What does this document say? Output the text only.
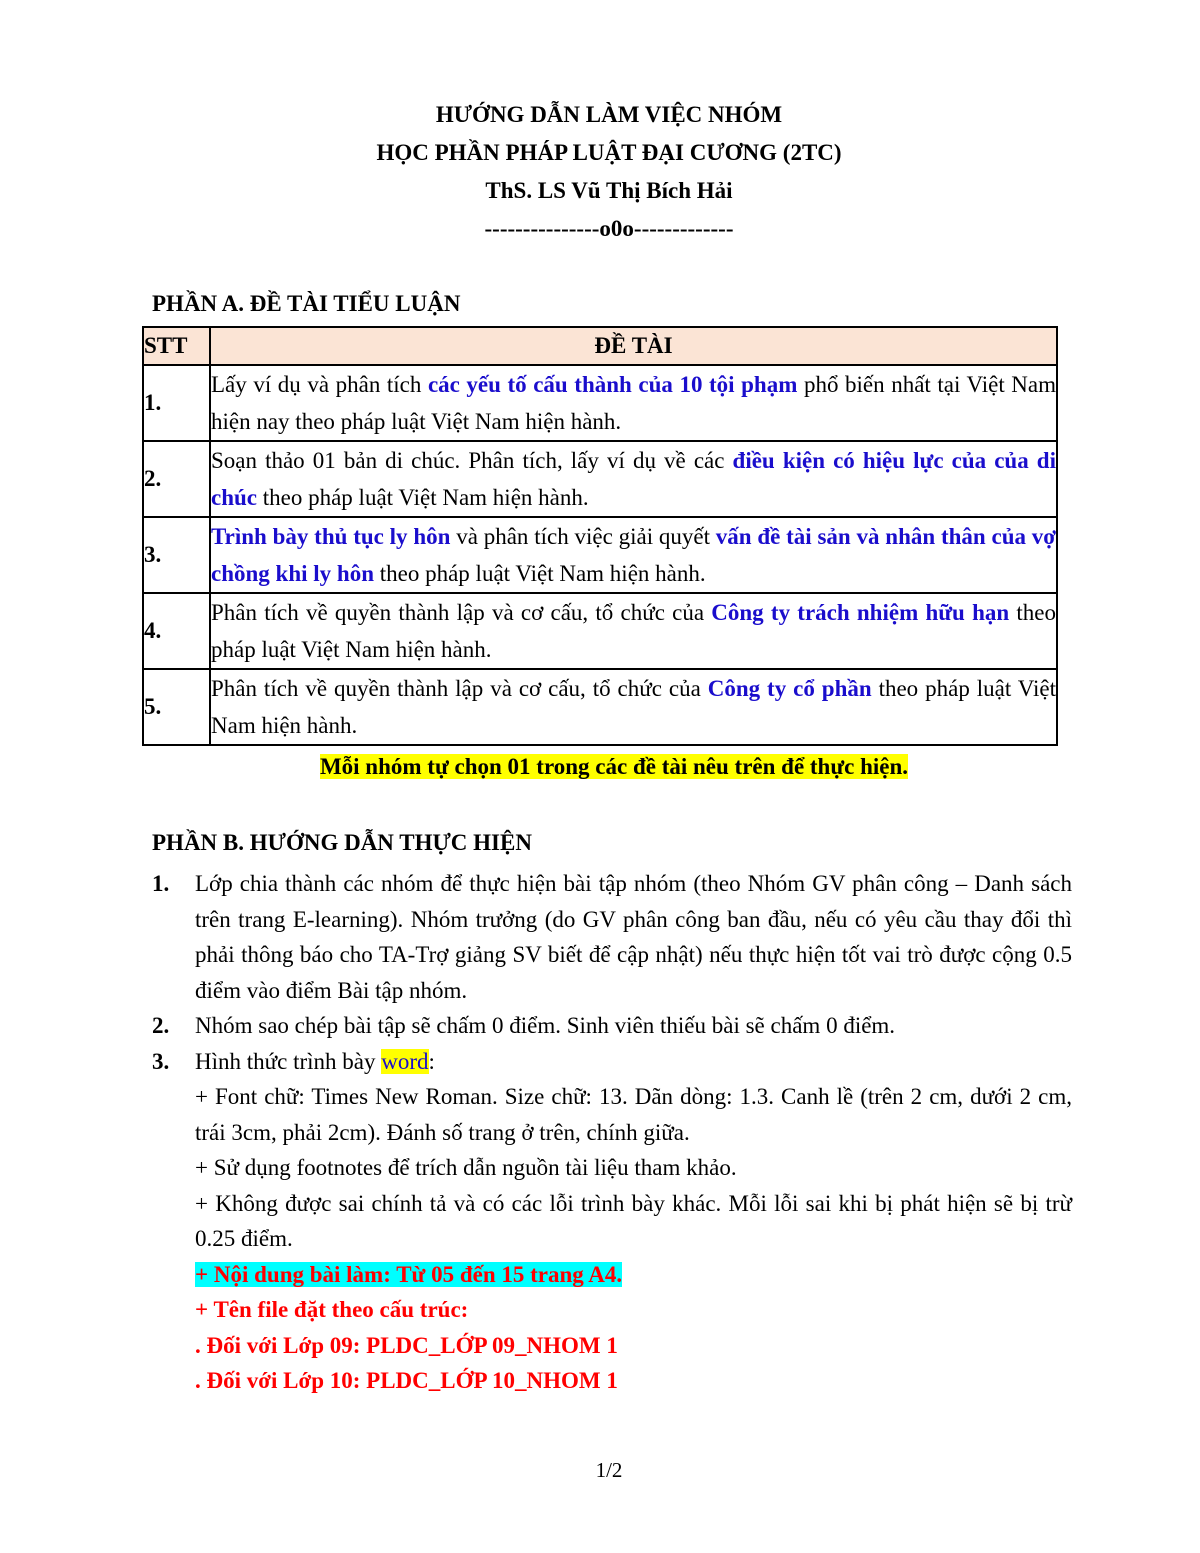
HƯỚNG DẪN LÀM VIỆC NHÓM
HỌC PHẦN PHÁP LUẬT ĐẠI CƯƠNG (2TC)
ThS. LS Vũ Thị Bích Hải
---------------o0o-------------
PHẦN A. ĐỀ TÀI TIỂU LUẬN
STT	ĐỀ TÀI
1.	Lấy ví dụ và phân tích các yếu tố cấu thành của 10 tội phạm phổ biến nhất tại Việt Nam hiện nay theo pháp luật Việt Nam hiện hành.
2.	Soạn thảo 01 bản di chúc. Phân tích, lấy ví dụ về các điều kiện có hiệu lực của của di chúc theo pháp luật Việt Nam hiện hành.
3.	Trình bày thủ tục ly hôn và phân tích việc giải quyết vấn đề tài sản và nhân thân của vợ chồng khi ly hôn theo pháp luật Việt Nam hiện hành.
4.	Phân tích về quyền thành lập và cơ cấu, tổ chức của Công ty trách nhiệm hữu hạn theo pháp luật Việt Nam hiện hành.
5.	Phân tích về quyền thành lập và cơ cấu, tổ chức của Công ty cổ phần theo pháp luật Việt Nam hiện hành.
Mỗi nhóm tự chọn 01 trong các đề tài nêu trên để thực hiện.
PHẦN B. HƯỚNG DẪN THỰC HIỆN
1. Lớp chia thành các nhóm để thực hiện bài tập nhóm (theo Nhóm GV phân công – Danh sách trên trang E-learning). Nhóm trưởng (do GV phân công ban đầu, nếu có yêu cầu thay đổi thì phải thông báo cho TA-Trợ giảng SV biết để cập nhật) nếu thực hiện tốt vai trò được cộng 0.5 điểm vào điểm Bài tập nhóm.
2. Nhóm sao chép bài tập sẽ chấm 0 điểm. Sinh viên thiếu bài sẽ chấm 0 điểm.
3. Hình thức trình bày word:
+ Font chữ: Times New Roman. Size chữ: 13. Dãn dòng: 1.3. Canh lề (trên 2 cm, dưới 2 cm, trái 3cm, phải 2cm). Đánh số trang ở trên, chính giữa.
+ Sử dụng footnotes để trích dẫn nguồn tài liệu tham khảo.
+ Không được sai chính tả và có các lỗi trình bày khác. Mỗi lỗi sai khi bị phát hiện sẽ bị trừ 0.25 điểm.
+ Nội dung bài làm: Từ 05 đến 15 trang A4.
+ Tên file đặt theo cấu trúc:
. Đối với Lớp 09: PLDC_LỚP 09_NHOM 1
. Đối với Lớp 10: PLDC_LỚP 10_NHOM 1
1/2
